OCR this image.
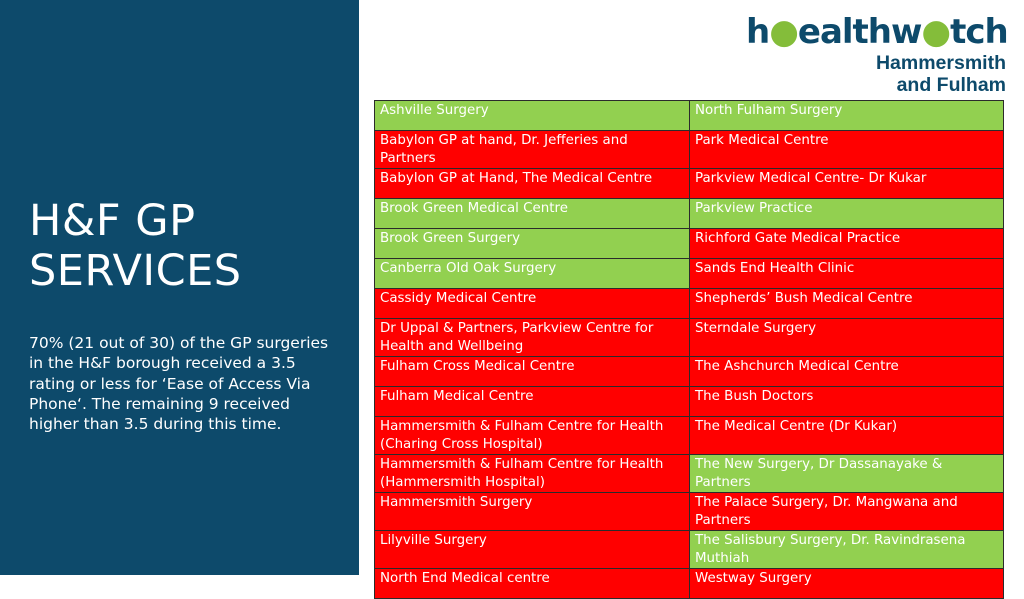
H&F GP
SERVICES
70% (21 out of 30) of the GP surgeries in the H&F borough received a 3.5 rating or less for ‘Ease of Access Via Phone‘. The remaining 9 received higher than 3.5 during this time.
h●ealthw●tch
Hammersmith
and Fulham
Ashville Surgery	North Fulham Surgery
Babylon GP at hand, Dr. Jefferies and Partners	Park Medical Centre
Babylon GP at Hand, The Medical Centre	Parkview Medical Centre- Dr Kukar
Brook Green Medical Centre	Parkview Practice
Brook Green Surgery	Richford Gate Medical Practice
Canberra Old Oak Surgery	Sands End Health Clinic
Cassidy Medical Centre	Shepherds’ Bush Medical Centre
Dr Uppal & Partners, Parkview Centre for Health and Wellbeing	Sterndale Surgery
Fulham Cross Medical Centre	The Ashchurch Medical Centre
Fulham Medical Centre	The Bush Doctors
Hammersmith & Fulham Centre for Health (Charing Cross Hospital)	The Medical Centre (Dr Kukar)
Hammersmith & Fulham Centre for Health (Hammersmith Hospital)	The New Surgery, Dr Dassanayake & Partners
Hammersmith Surgery	The Palace Surgery, Dr. Mangwana and Partners
Lilyville Surgery	The Salisbury Surgery, Dr. Ravindrasena Muthiah
North End Medical centre	Westway Surgery
